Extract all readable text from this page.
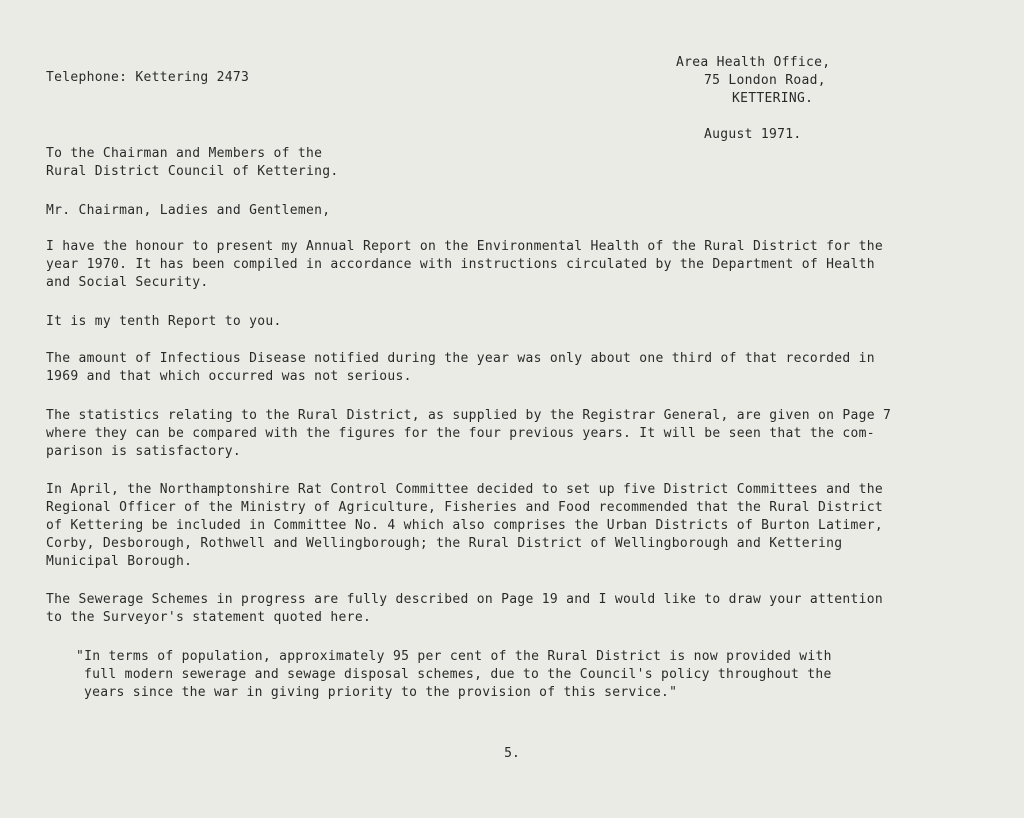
Telephone: Kettering 2473
Area Health Office,
75 London Road,
KETTERING.
August 1971.
To the Chairman and Members of the
Rural District Council of Kettering.
Mr. Chairman, Ladies and Gentlemen,
I have the honour to present my Annual Report on the Environmental Health of the Rural District for the
year 1970. It has been compiled in accordance with instructions circulated by the Department of Health
and Social Security.
It is my tenth Report to you.
The amount of Infectious Disease notified during the year was only about one third of that recorded in
1969 and that which occurred was not serious.
The statistics relating to the Rural District, as supplied by the Registrar General, are given on Page 7
where they can be compared with the figures for the four previous years. It will be seen that the com-
parison is satisfactory.
In April, the Northamptonshire Rat Control Committee decided to set up five District Committees and the
Regional Officer of the Ministry of Agriculture, Fisheries and Food recommended that the Rural District
of Kettering be included in Committee No. 4 which also comprises the Urban Districts of Burton Latimer,
Corby, Desborough, Rothwell and Wellingborough; the Rural District of Wellingborough and Kettering
Municipal Borough.
The Sewerage Schemes in progress are fully described on Page 19 and I would like to draw your attention
to the Surveyor's statement quoted here.
"In terms of population, approximately 95 per cent of the Rural District is now provided with
full modern sewerage and sewage disposal schemes, due to the Council's policy throughout the
years since the war in giving priority to the provision of this service."
5.
